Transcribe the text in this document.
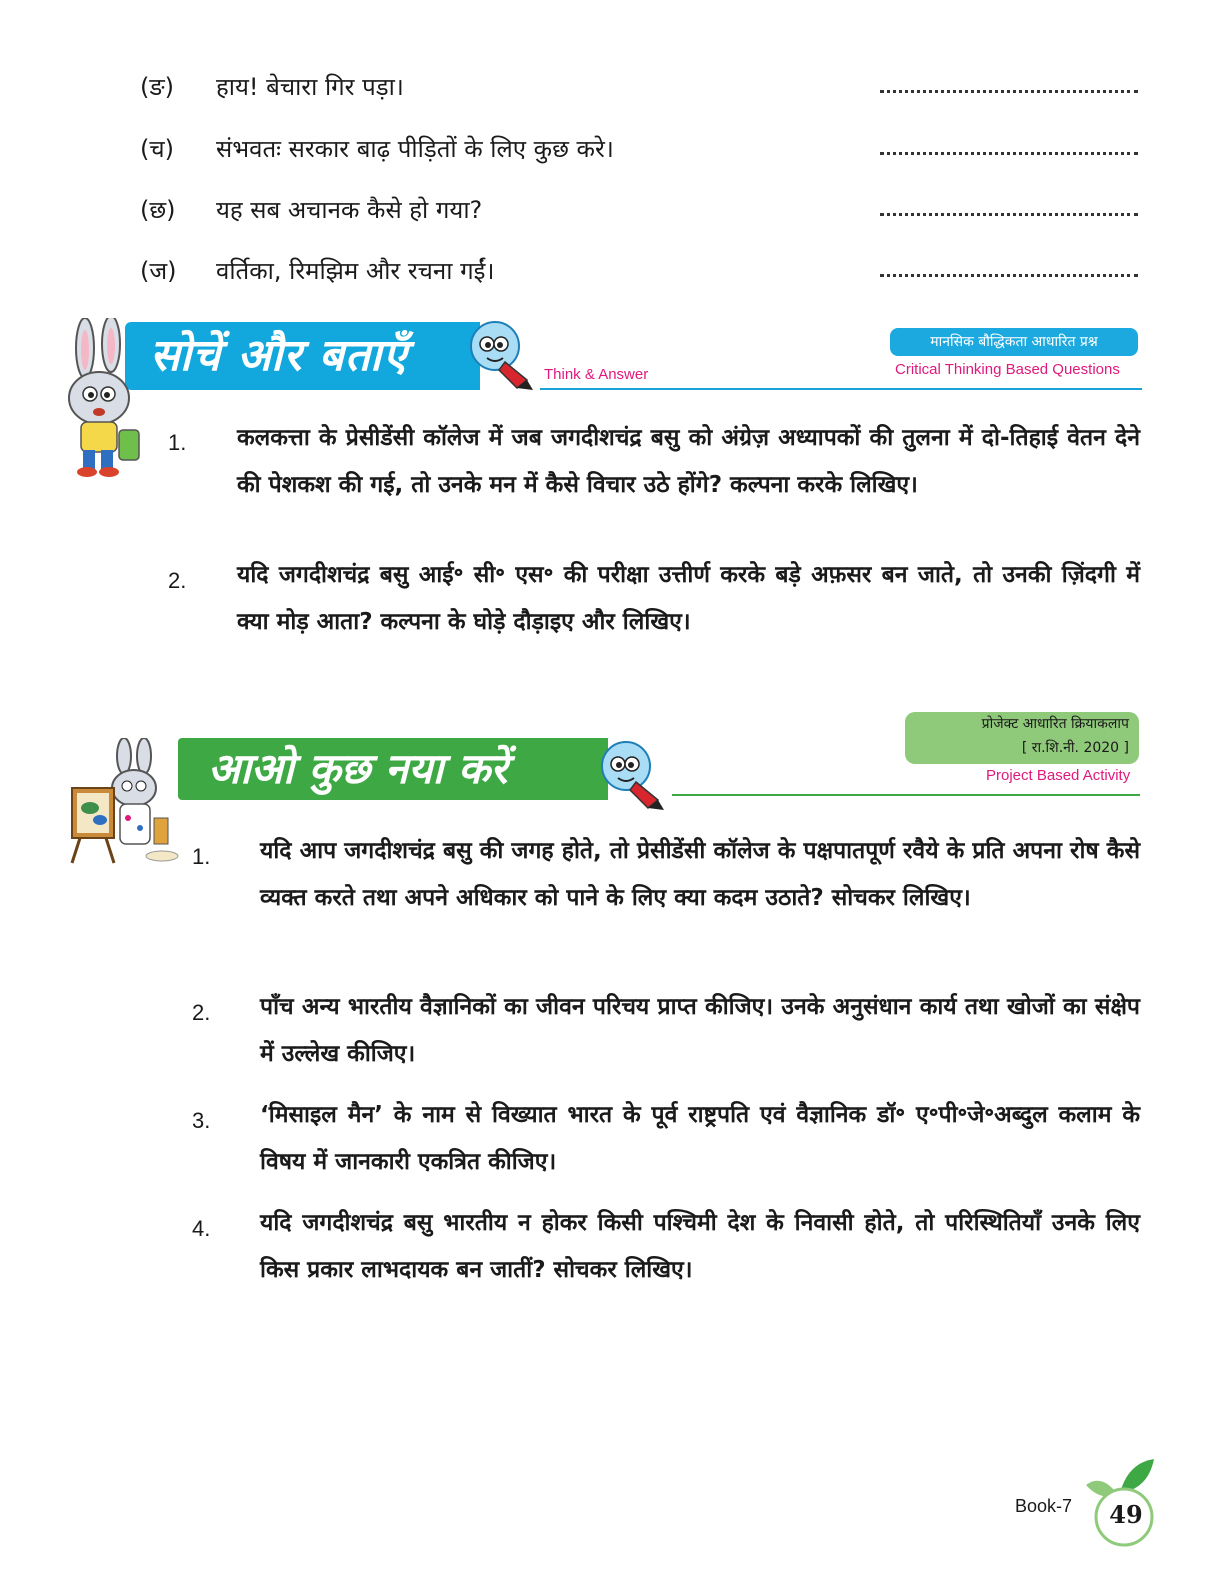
(ङ)	हाय! बेचारा गिर पड़ा।
(च)	संभवतः सरकार बाढ़ पीड़ितों के लिए कुछ करे।
(छ)	यह सब अचानक कैसे हो गया?
(ज)	वर्तिका, रिमझिम और रचना गईं।
सोचें और बताएँ	Think & Answer
मानसिक बौद्धिकता आधारित प्रश्न
Critical Thinking Based Questions
1. कलकत्ता के प्रेसीडेंसी कॉलेज में जब जगदीशचंद्र बसु को अंग्रेज़ अध्यापकों की तुलना में दो-तिहाई वेतन देने की पेशकश की गई, तो उनके मन में कैसे विचार उठे होंगे? कल्पना करके लिखिए।
2. यदि जगदीशचंद्र बसु आई॰ सी॰ एस॰ की परीक्षा उत्तीर्ण करके बड़े अफ़सर बन जाते, तो उनकी ज़िंदगी में क्या मोड़ आता? कल्पना के घोड़े दौड़ाइए और लिखिए।
आओ कुछ नया करें
प्रोजेक्ट आधारित क्रियाकलाप
[ रा.शि.नी. 2020 ]
Project Based Activity
1. यदि आप जगदीशचंद्र बसु की जगह होते, तो प्रेसीडेंसी कॉलेज के पक्षपातपूर्ण रवैये के प्रति अपना रोष कैसे व्यक्त करते तथा अपने अधिकार को पाने के लिए क्या कदम उठाते? सोचकर लिखिए।
2. पाँच अन्य भारतीय वैज्ञानिकों का जीवन परिचय प्राप्त कीजिए। उनके अनुसंधान कार्य तथा खोजों का संक्षेप में उल्लेख कीजिए।
3. ‘मिसाइल मैन’ के नाम से विख्यात भारत के पूर्व राष्ट्रपति एवं वैज्ञानिक डॉ॰ ए॰पी॰जे॰अब्दुल कलाम के विषय में जानकारी एकत्रित कीजिए।
4. यदि जगदीशचंद्र बसु भारतीय न होकर किसी पश्चिमी देश के निवासी होते, तो परिस्थितियाँ उनके लिए किस प्रकार लाभदायक बन जातीं? सोचकर लिखिए।
Book-7 49
